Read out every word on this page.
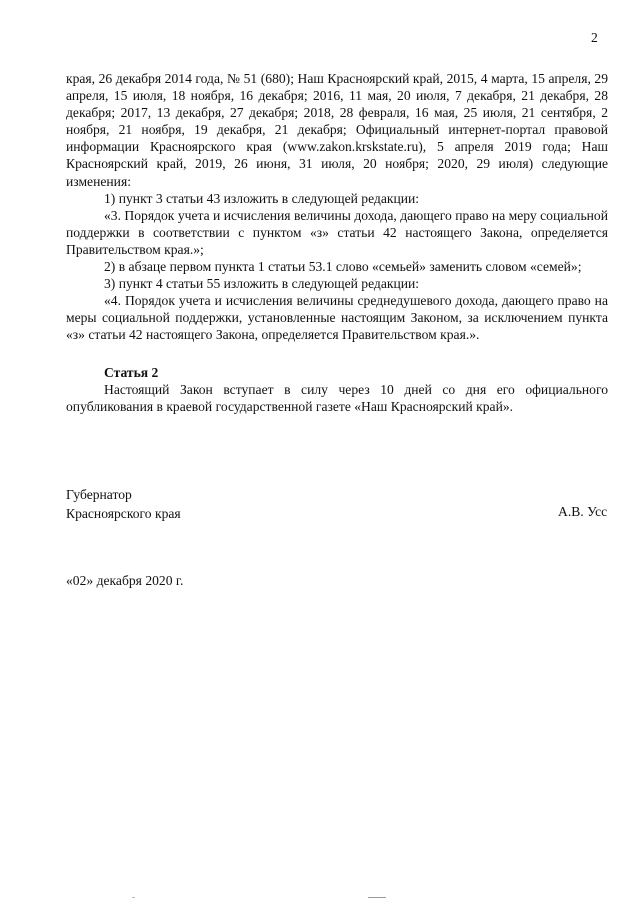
2

края, 26 декабря 2014 года, № 51 (680); Наш Красноярский край, 2015, 4 марта, 15 апреля, 29 апреля, 15 июля, 18 ноября, 16 декабря; 2016, 11 мая, 20 июля, 7 декабря, 21 декабря, 28 декабря; 2017, 13 декабря, 27 декабря; 2018, 28 февраля, 16 мая, 25 июля, 21 сентября, 2 ноября, 21 ноября, 19 декабря, 21 декабря; Официальный интернет-портал правовой информации Красноярского края (www.zakon.krskstate.ru), 5 апреля 2019 года; Наш Красноярский край, 2019, 26 июня, 31 июля, 20 ноября; 2020, 29 июля) следующие изменения:

1) пункт 3 статьи 43 изложить в следующей редакции:

«3. Порядок учета и исчисления величины дохода, дающего право на меру социальной поддержки в соответствии с пунктом «з» статьи 42 настоящего Закона, определяется Правительством края.»;

2) в абзаце первом пункта 1 статьи 53.1 слово «семьей» заменить словом «семей»;

3) пункт 4 статьи 55 изложить в следующей редакции:

«4. Порядок учета и исчисления величины среднедушевого дохода, дающего право на меры социальной поддержки, установленные настоящим Законом, за исключением пункта «з» статьи 42 настоящего Закона, определяется Правительством края.».

Статья 2

Настоящий Закон вступает в силу через 10 дней со дня его официального опубликования в краевой государственной газете «Наш Красноярский край».

Губернатор
Красноярского края	А.В. Усс
«02» декабря 2020 г.
